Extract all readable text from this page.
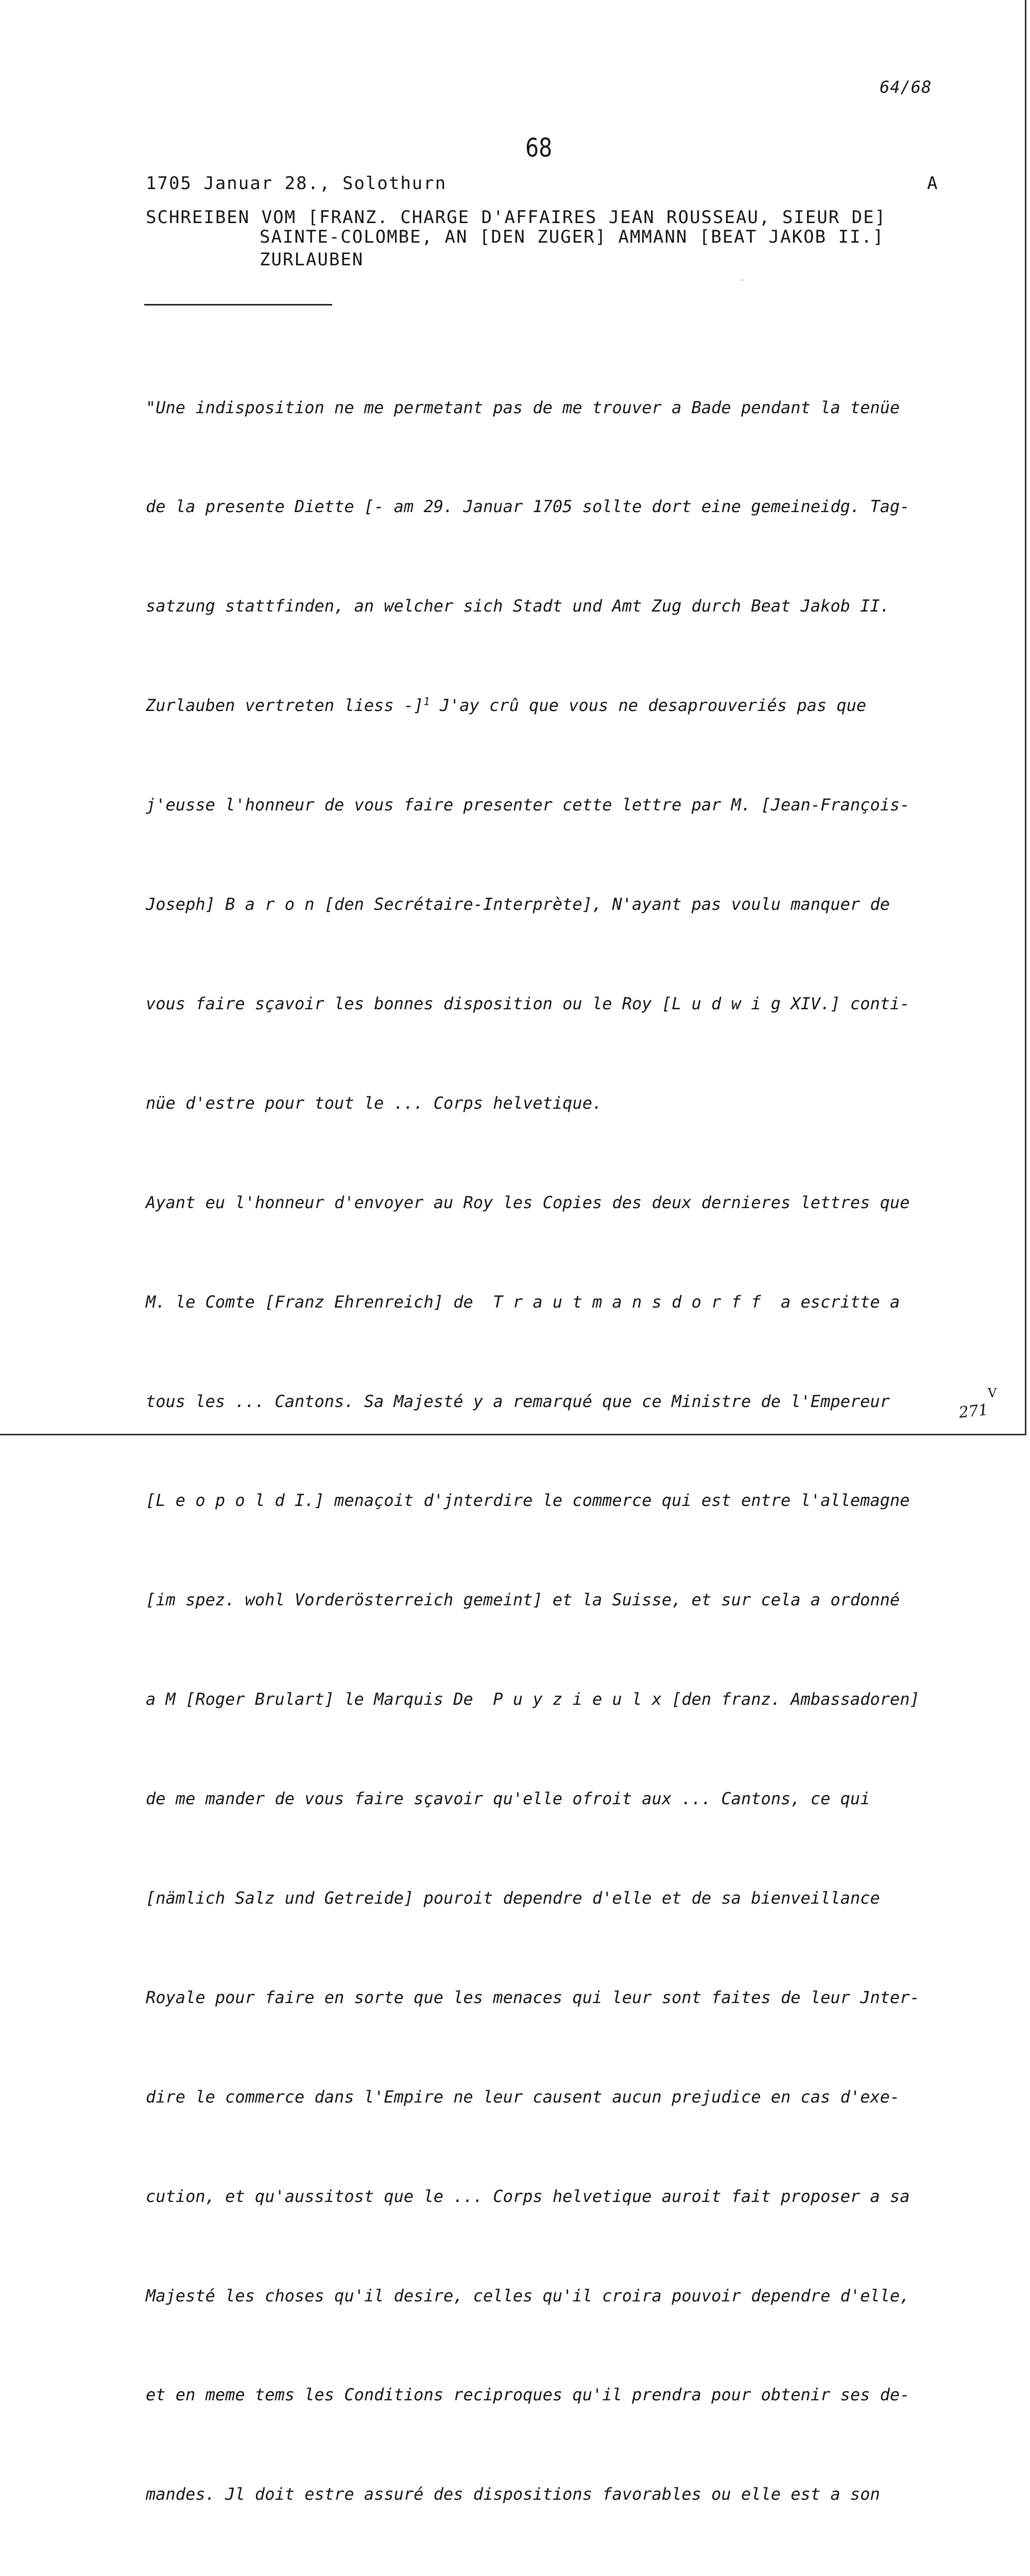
64/68
68
1705 Januar 28., Solothurn	A
SCHREIBEN VOM [FRANZ. CHARGE D'AFFAIRES JEAN ROUSSEAU, SIEUR DE]
SAINTE-COLOMBE, AN [DEN ZUGER] AMMANN [BEAT JAKOB II.]
ZURLAUBEN
·

"Une indisposition ne me permetant pas de me trouver a Bade pendant la tenüe

de la presente Diette [- am 29. Januar 1705 sollte dort eine gemeineidg. Tag-

satzung stattfinden, an welcher sich Stadt und Amt Zug durch Beat Jakob II.

Zurlauben vertreten liess -]$^1$ J'ay crû que vous ne desaprouveriés pas que

j'eusse l'honneur de vous faire presenter cette lettre par M. [Jean-François-

Joseph] B a r o n [den Secrétaire-Interprète], N'ayant pas voulu manquer de

vous faire sçavoir les bonnes disposition ou le Roy [L u d w i g XIV.] conti-

nüe d'estre pour tout le ... Corps helvetique.

Ayant eu l'honneur d'envoyer au Roy les Copies des deux dernieres lettres que

M. le Comte [Franz Ehrenreich] de  T r a u t m a n s d o r f f  a escritte a

tous les ... Cantons. Sa Majesté y a remarqué que ce Ministre de l'Empereur

[L e o p o l d I.] menaçoit d'jnterdire le commerce qui est entre l'allemagne

[im spez. wohl Vorderösterreich gemeint] et la Suisse, et sur cela a ordonné

a M [Roger Brulart] le Marquis De  P u y z i e u l x [den franz. Ambassadoren]

de me mander de vous faire sçavoir qu'elle ofroit aux ... Cantons, ce qui

[nämlich Salz und Getreide] pouroit dependre d'elle et de sa bienveillance

Royale pour faire en sorte que les menaces qui leur sont faites de leur Jnter-

dire le commerce dans l'Empire ne leur causent aucun prejudice en cas d'exe-

cution, et qu'aussitost que le ... Corps helvetique auroit fait proposer a sa

Majesté les choses qu'il desire, celles qu'il croira pouvoir dependre d'elle,

et en meme tems les Conditions reciproques qu'il prendra pour obtenir ses de-

mandes. Jl doit estre assuré des dispositions favorables ou elle est a son

V
271
